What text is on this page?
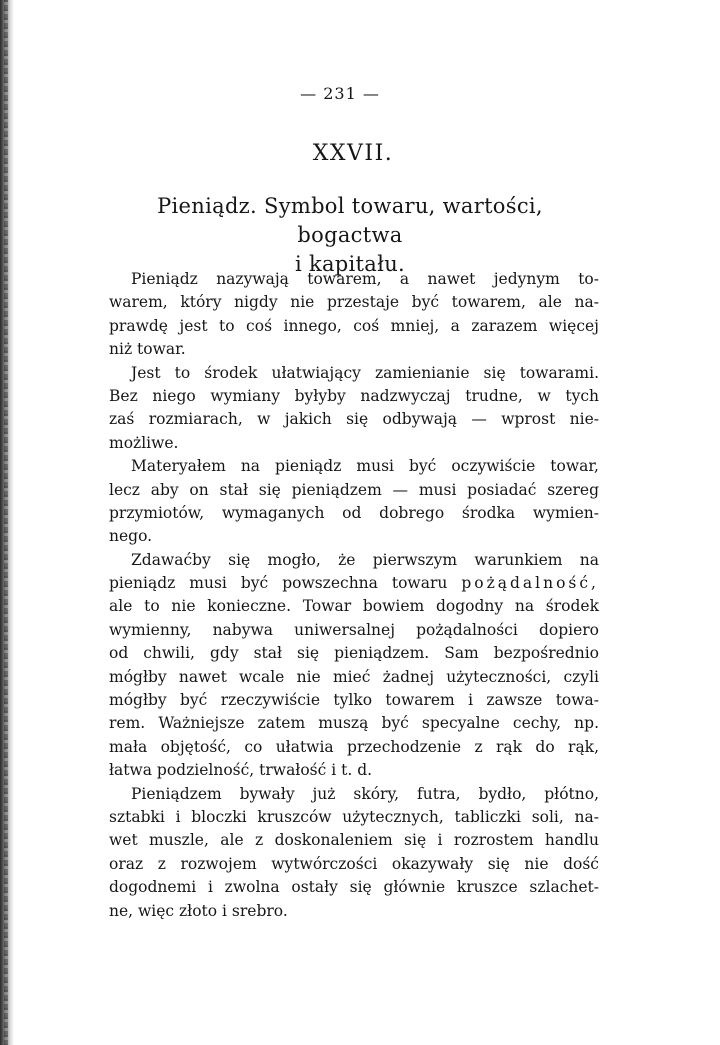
— 231 —
XXVII.
Pieniądz. Symbol towaru, wartości, bogactwa
i kapitału.
Pieniądz nazywają towarem, a nawet jedynym to-
warem, który nigdy nie przestaje być towarem, ale na-
prawdę jest to coś innego, coś mniej, a zarazem więcej
niż towar.
Jest to środek ułatwiający zamienianie się towarami.
Bez niego wymiany byłyby nadzwyczaj trudne, w tych
zaś rozmiarach, w jakich się odbywają — wprost nie-
możliwe.
Materyałem na pieniądz musi być oczywiście towar,
lecz aby on stał się pieniądzem — musi posiadać szereg
przymiotów, wymaganych od dobrego środka wymien-
nego.
Zdawaćby się mogło, że pierwszym warunkiem na
pieniądz musi być powszechna towaru pożądalność,
ale to nie konieczne. Towar bowiem dogodny na środek
wymienny, nabywa uniwersalnej pożądalności dopiero
od chwili, gdy stał się pieniądzem. Sam bezpośrednio
mógłby nawet wcale nie mieć żadnej użyteczności, czyli
mógłby być rzeczywiście tylko towarem i zawsze towa-
rem. Ważniejsze zatem muszą być specyalne cechy, np.
mała objętość, co ułatwia przechodzenie z rąk do rąk,
łatwa podzielność, trwałość i t. d.
Pieniądzem bywały już skóry, futra, bydło, płótno,
sztabki i bloczki kruszców użytecznych, tabliczki soli, na-
wet muszle, ale z doskonaleniem się i rozrostem handlu
oraz z rozwojem wytwórczości okazywały się nie dość
dogodnemi i zwolna ostały się głównie kruszce szlachet-
ne, więc złoto i srebro.
